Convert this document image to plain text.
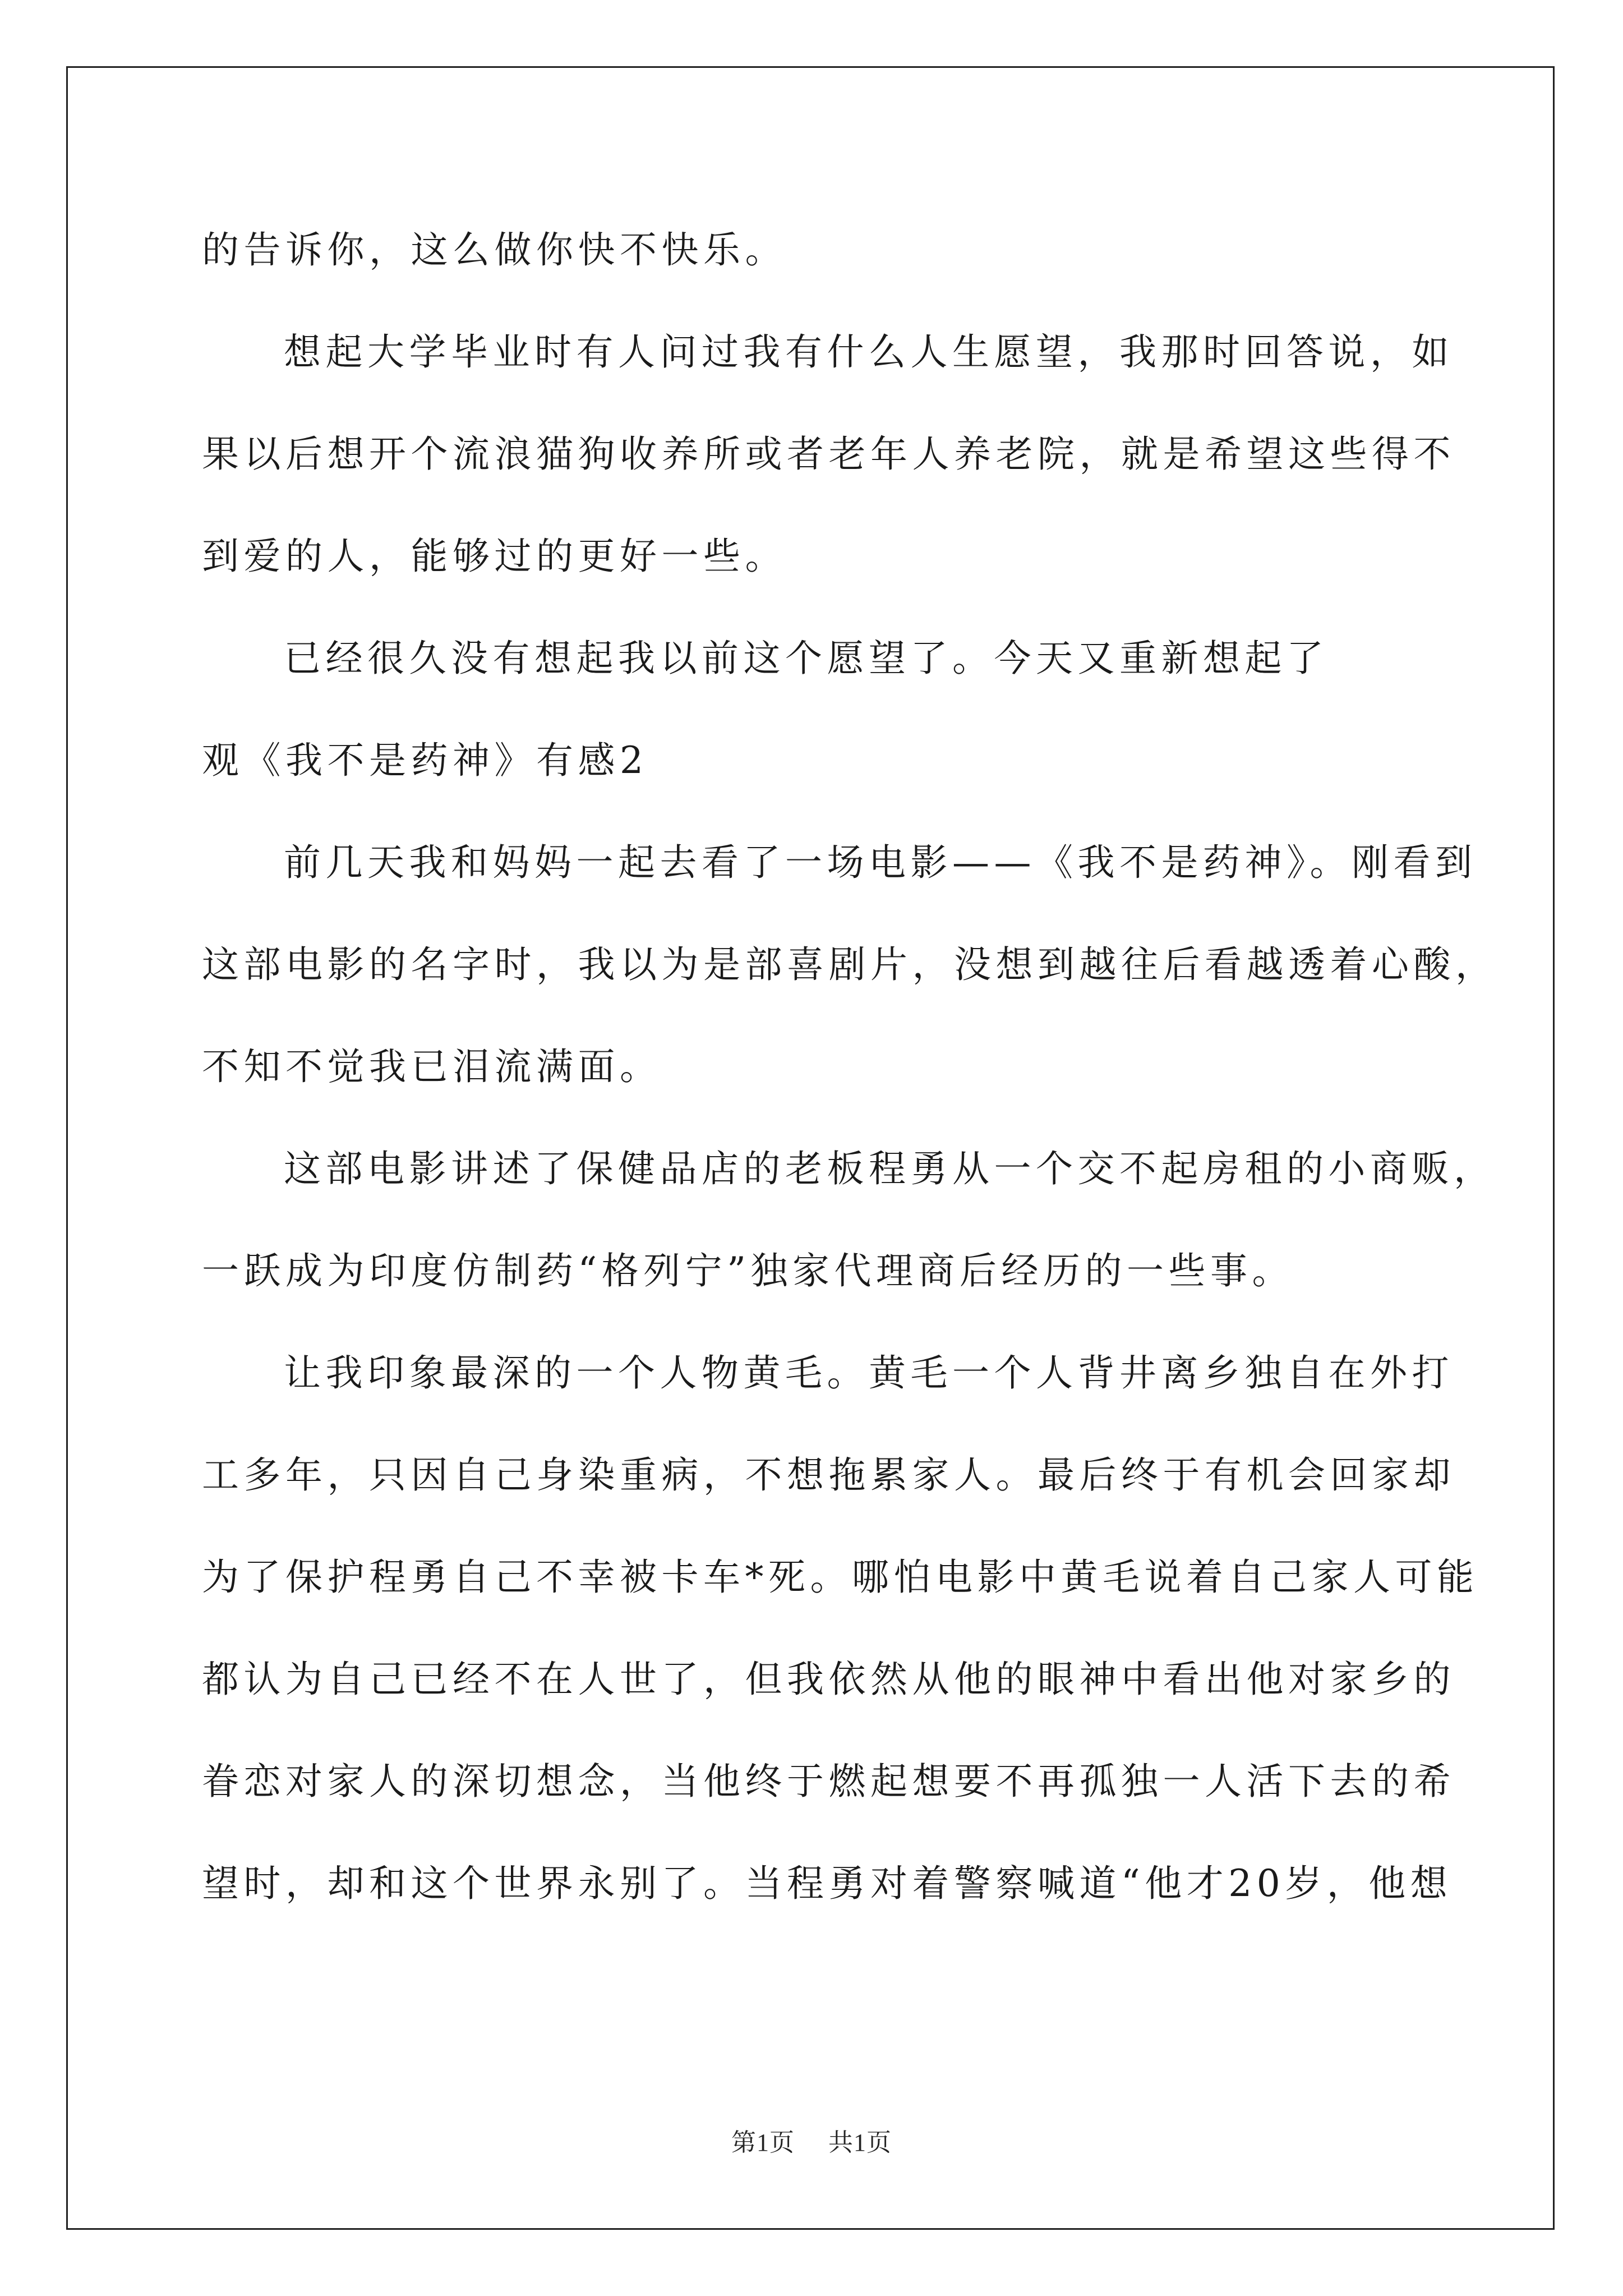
的告诉你，这么做你快不快乐。
想起大学毕业时有人问过我有什么人生愿望，我那时回答说，如
果以后想开个流浪猫狗收养所或者老年人养老院，就是希望这些得不
到爱的人，能够过的更好一些。
已经很久没有想起我以前这个愿望了。今天又重新想起了
观《我不是药神》有感2
前几天我和妈妈一起去看了一场电影——《我不是药神》。刚看到
这部电影的名字时，我以为是部喜剧片，没想到越往后看越透着心酸，
不知不觉我已泪流满面。
这部电影讲述了保健品店的老板程勇从一个交不起房租的小商贩，
一跃成为印度仿制药“格列宁”独家代理商后经历的一些事。
让我印象最深的一个人物黄毛。黄毛一个人背井离乡独自在外打
工多年，只因自己身染重病，不想拖累家人。最后终于有机会回家却
为了保护程勇自己不幸被卡车*死。哪怕电影中黄毛说着自己家人可能
都认为自己已经不在人世了，但我依然从他的眼神中看出他对家乡的
眷恋对家人的深切想念，当他终于燃起想要不再孤独一人活下去的希
望时，却和这个世界永别了。当程勇对着警察喊道“他才20岁，他想
第1页 共1页
